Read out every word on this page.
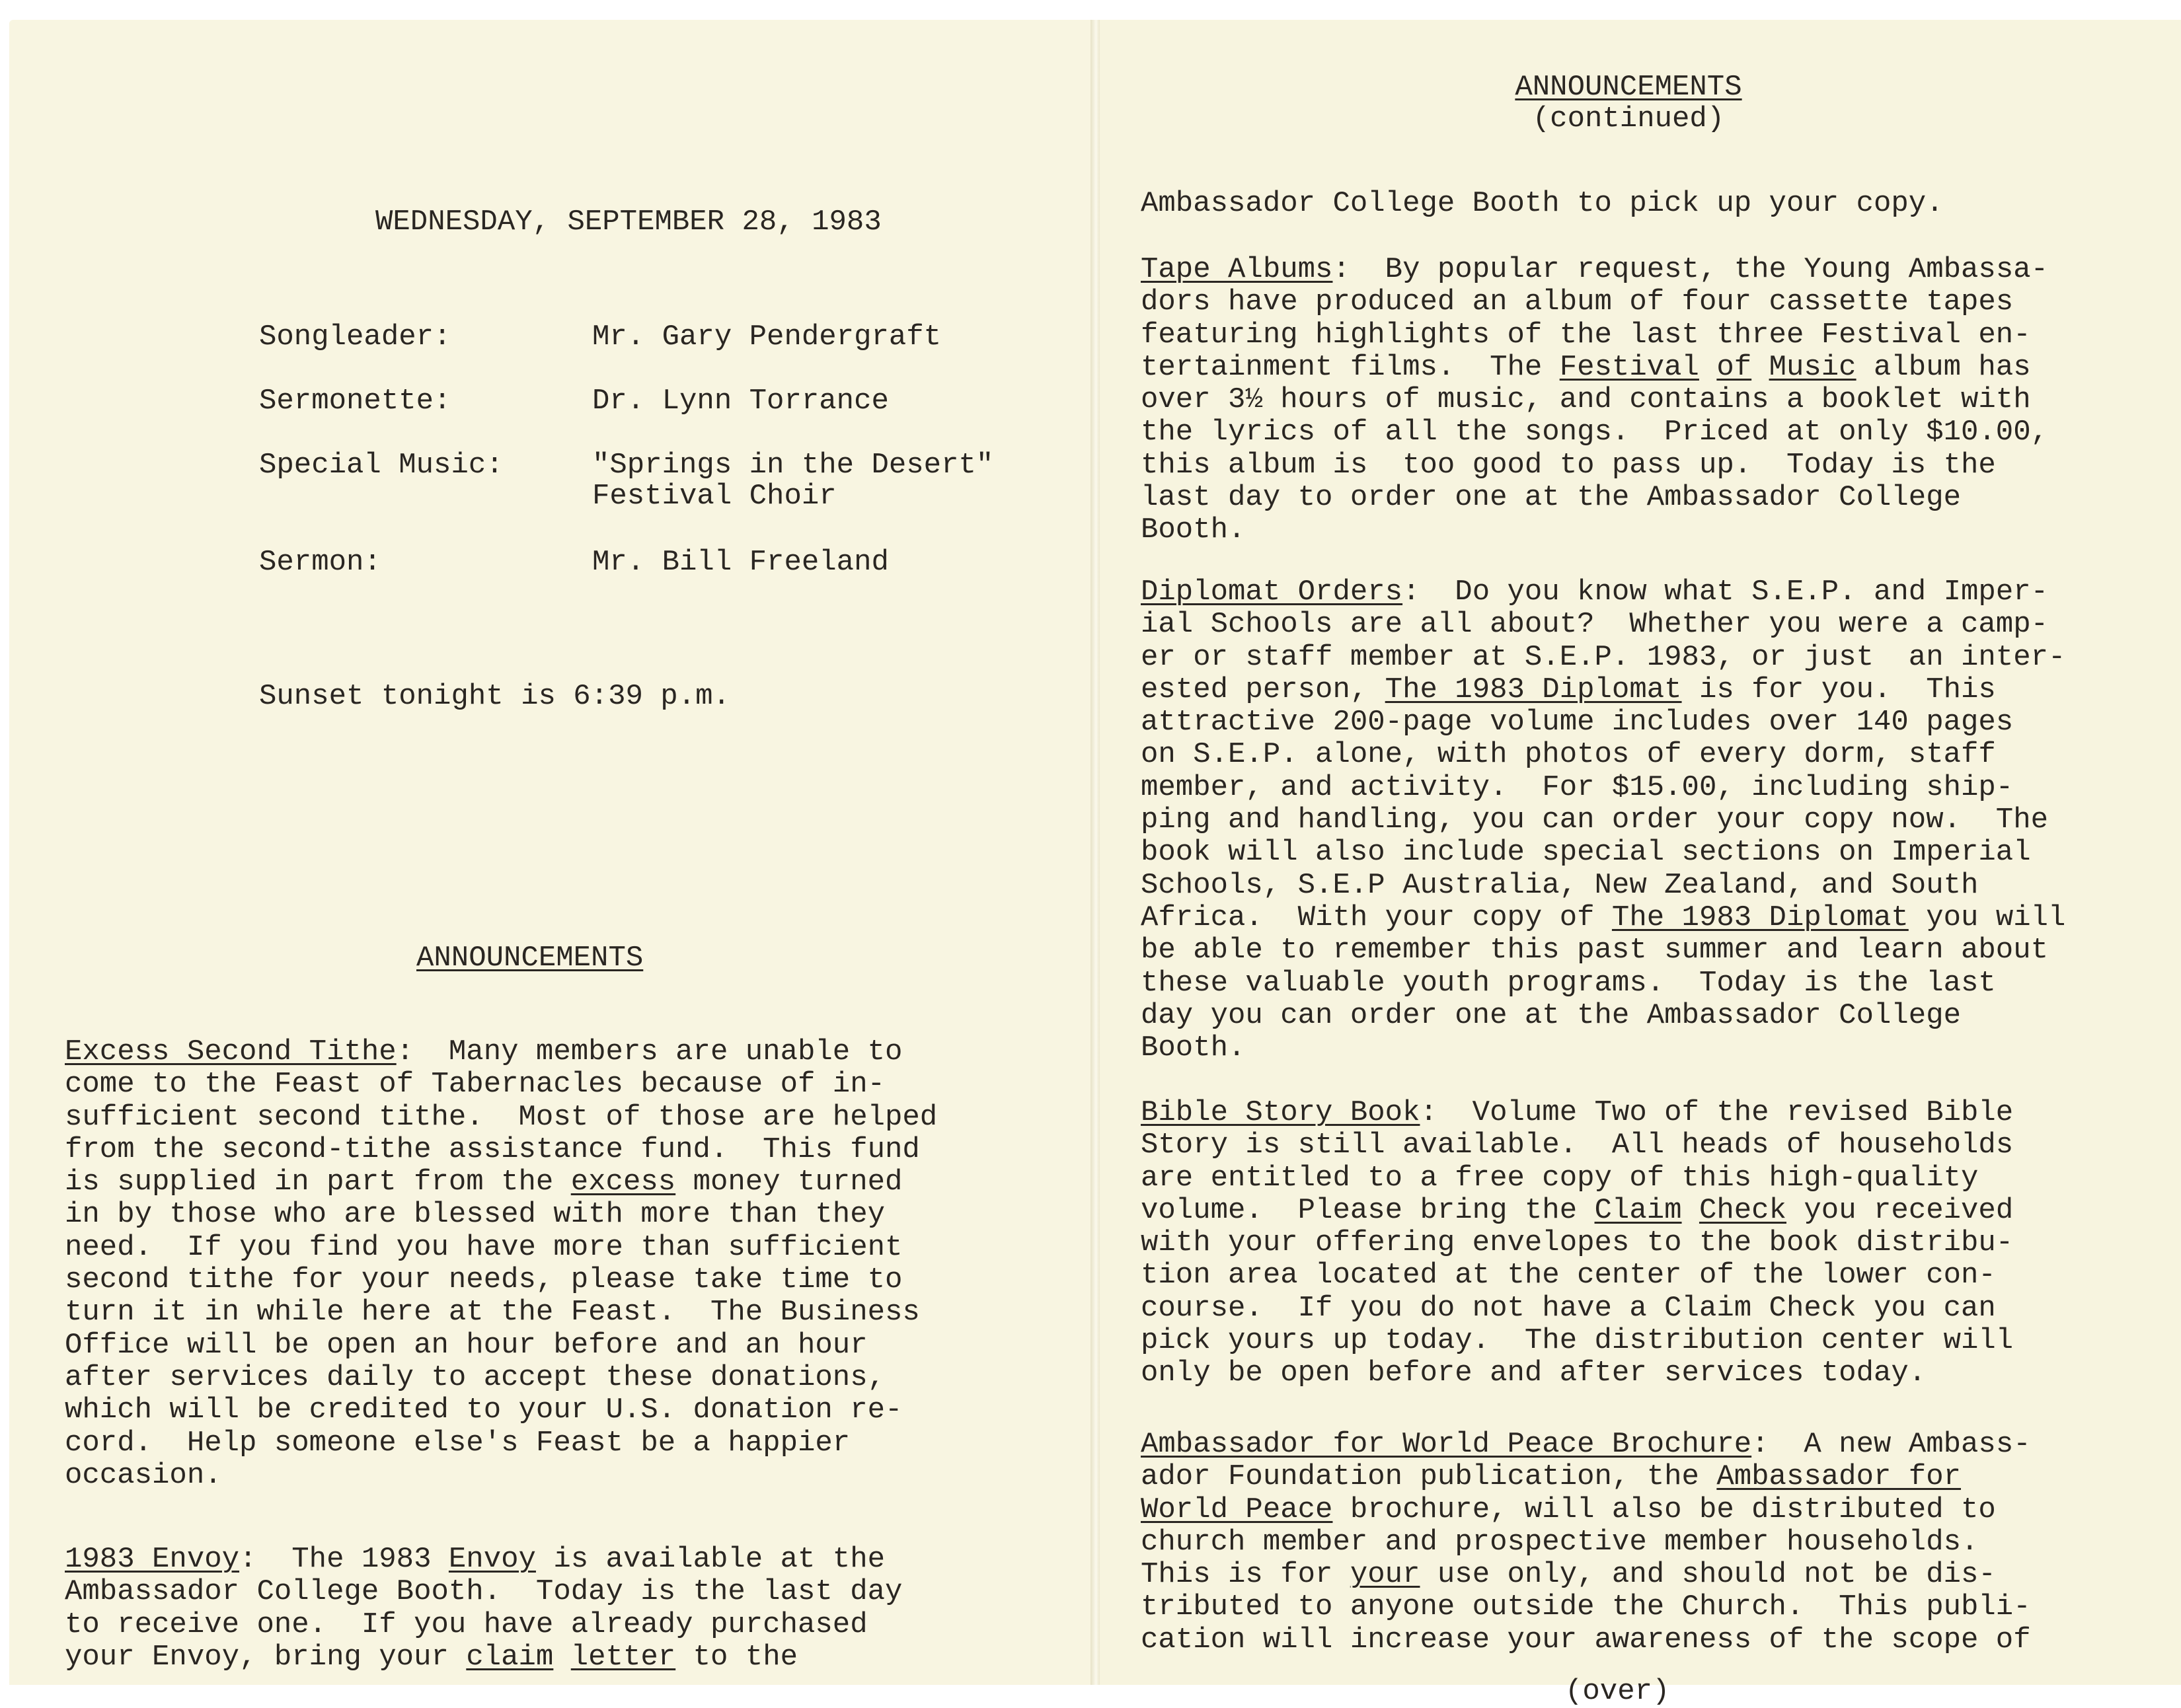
WEDNESDAY, SEPTEMBER 28, 1983
Songleader:	Mr. Gary Pendergraft
Sermonette:	Dr. Lynn Torrance
Special Music:	"Springs in the Desert"
Festival Choir
Sermon:	Mr. Bill Freeland
Sunset tonight is 6:39 p.m.
ANNOUNCEMENTS
Excess Second Tithe:  Many members are unable to
come to the Feast of Tabernacles because of in-
sufficient second tithe.  Most of those are helped
from the second-tithe assistance fund.  This fund
is supplied in part from the excess money turned
in by those who are blessed with more than they
need.  If you find you have more than sufficient
second tithe for your needs, please take time to
turn it in while here at the Feast.  The Business
Office will be open an hour before and an hour
after services daily to accept these donations,
which will be credited to your U.S. donation re-
cord.  Help someone else's Feast be a happier
occasion.
1983 Envoy:  The 1983 Envoy is available at the
Ambassador College Booth.  Today is the last day
to receive one.  If you have already purchased
your Envoy, bring your claim letter to the
ANNOUNCEMENTS
(continued)
Ambassador College Booth to pick up your copy.
Tape Albums:  By popular request, the Young Ambassa-
dors have produced an album of four cassette tapes
featuring highlights of the last three Festival en-
tertainment films.  The Festival of Music album has
over 3½ hours of music, and contains a booklet with
the lyrics of all the songs.  Priced at only $10.00,
this album is  too good to pass up.  Today is the
last day to order one at the Ambassador College
Booth.
Diplomat Orders:  Do you know what S.E.P. and Imper-
ial Schools are all about?  Whether you were a camp-
er or staff member at S.E.P. 1983, or just  an inter-
ested person, The 1983 Diplomat is for you.  This
attractive 200-page volume includes over 140 pages
on S.E.P. alone, with photos of every dorm, staff
member, and activity.  For $15.00, including ship-
ping and handling, you can order your copy now.  The
book will also include special sections on Imperial
Schools, S.E.P Australia, New Zealand, and South
Africa.  With your copy of The 1983 Diplomat you will
be able to remember this past summer and learn about
these valuable youth programs.  Today is the last
day you can order one at the Ambassador College
Booth.
Bible Story Book:  Volume Two of the revised Bible
Story is still available.  All heads of households
are entitled to a free copy of this high-quality
volume.  Please bring the Claim Check you received
with your offering envelopes to the book distribu-
tion area located at the center of the lower con-
course.  If you do not have a Claim Check you can
pick yours up today.  The distribution center will
only be open before and after services today.
Ambassador for World Peace Brochure:  A new Ambass-
ador Foundation publication, the Ambassador for
World Peace brochure, will also be distributed to
church member and prospective member households.
This is for your use only, and should not be dis-
tributed to anyone outside the Church.  This publi-
cation will increase your awareness of the scope of
(over)
